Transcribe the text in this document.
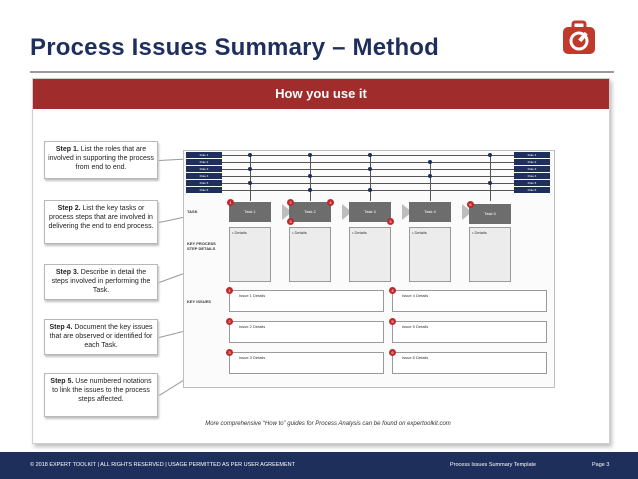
Process Issues Summary – Method
How you use it
Step 1. List the roles that are involved in supporting the process from end to end.
Step 2. List the key tasks or process steps that are involved in delivering the end to end process.
Step 3. Describe in detail the steps involved in performing the Task.
Step 4. Document the key issues that are observed or identified for each Task.
Step 5. Use numbered notations to link the issues to the process steps affected.
Role 1
Role 2
Role 3
Role 4
Role 5
Role 6
Role 1
Role 2
Role 3
Role 4
Role 5
Role 6
TASK
KEY PROCESS STEP DETAILS
KEY ISSUES
Task 1	Task 2	Task 3	Task 4	Task 5
• Details	• Details	• Details	• Details	• Details
Issue 1 Details	Issue 4 Details
Issue 2 Details	Issue 5 Details
Issue 3 Details	Issue 6 Details
1	2	4
3	5
6
1	4
2	5
3	6
More comprehensive “How to” guides for Process Analysis can be found on expertoolkit.com
© 2018 EXPERT TOOLKIT | ALL RIGHTS RESERVED | USAGE PERMITTED AS PER USER AGREEMENT	Process Issues Summary Template	Page 3
